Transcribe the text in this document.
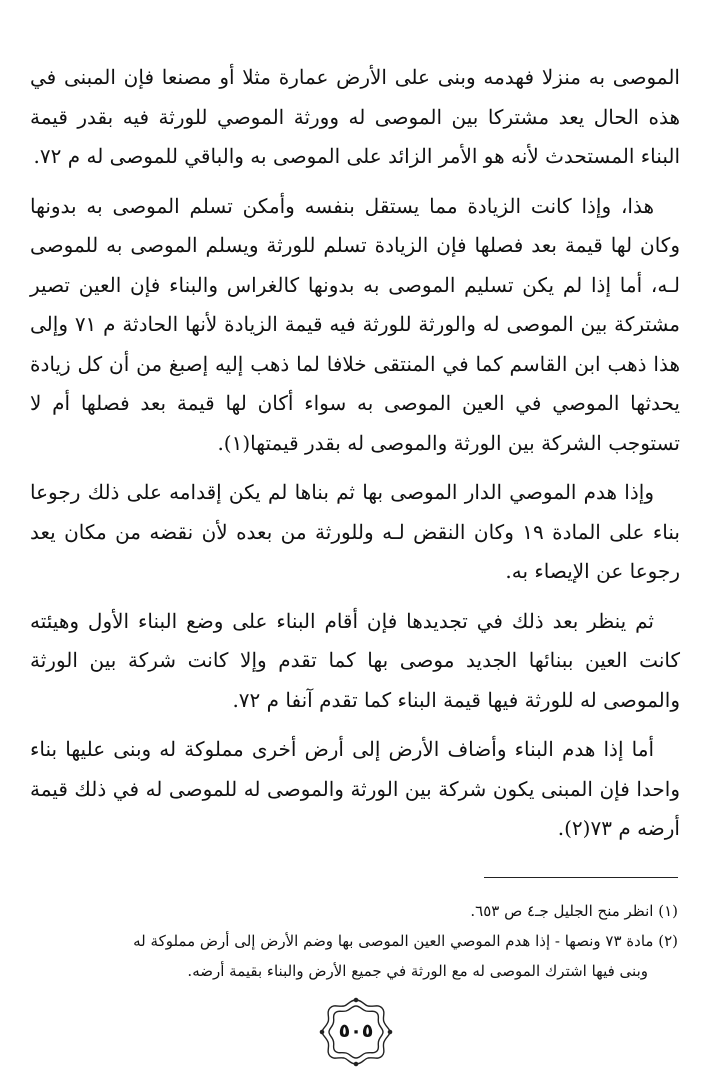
الموصى به منزلا فهدمه وبنى على الأرض عمارة مثلا أو مصنعا فإن المبنى في هذه الحال يعد مشتركا بين الموصى له وورثة الموصي للورثة فيه بقدر قيمة البناء المستحدث لأنه هو الأمر الزائد على الموصى به والباقي للموصى له م ٧٢.

هذا، وإذا كانت الزيادة مما يستقل بنفسه وأمكن تسلم الموصى به بدونها وكان لها قيمة بعد فصلها فإن الزيادة تسلم للورثة ويسلم الموصى به للموصى لـه، أما إذا لم يكن تسليم الموصى به بدونها كالغراس والبناء فإن العين تصير مشتركة بين الموصى له والورثة للورثة فيه قيمة الزيادة لأنها الحادثة م ٧١ وإلى هذا ذهب ابن القاسم كما في المنتقى خلافا لما ذهب إليه إصبغ من أن كل زيادة يحدثها الموصي في العين الموصى به سواء أكان لها قيمة بعد فصلها أم لا تستوجب الشركة بين الورثة والموصى له بقدر قيمتها(١).

وإذا هدم الموصي الدار الموصى بها ثم بناها لم يكن إقدامه على ذلك رجوعا بناء على المادة ١٩ وكان النقض لـه وللورثة من بعده لأن نقضه من مكان يعد رجوعا عن الإيصاء به.

ثم ينظر بعد ذلك في تجديدها فإن أقام البناء على وضع البناء الأول وهيئته كانت العين ببنائها الجديد موصى بها كما تقدم وإلا كانت شركة بين الورثة والموصى له للورثة فيها قيمة البناء كما تقدم آنفا م ٧٢.

أما إذا هدم البناء وأضاف الأرض إلى أرض أخرى مملوكة له وبنى عليها بناء واحدا فإن المبنى يكون شركة بين الورثة والموصى له للموصى له في ذلك قيمة أرضه م ٧٣(٢).

(١) انظر منح الجليل جـ٤ ص ٦٥٣.

(٢) مادة ٧٣ ونصها - إذا هدم الموصي العين الموصى بها وضم الأرض إلى أرض مملوكة له

وبنى فيها اشترك الموصى له مع الورثة في جميع الأرض والبناء بقيمة أرضه.

٥٠٥
